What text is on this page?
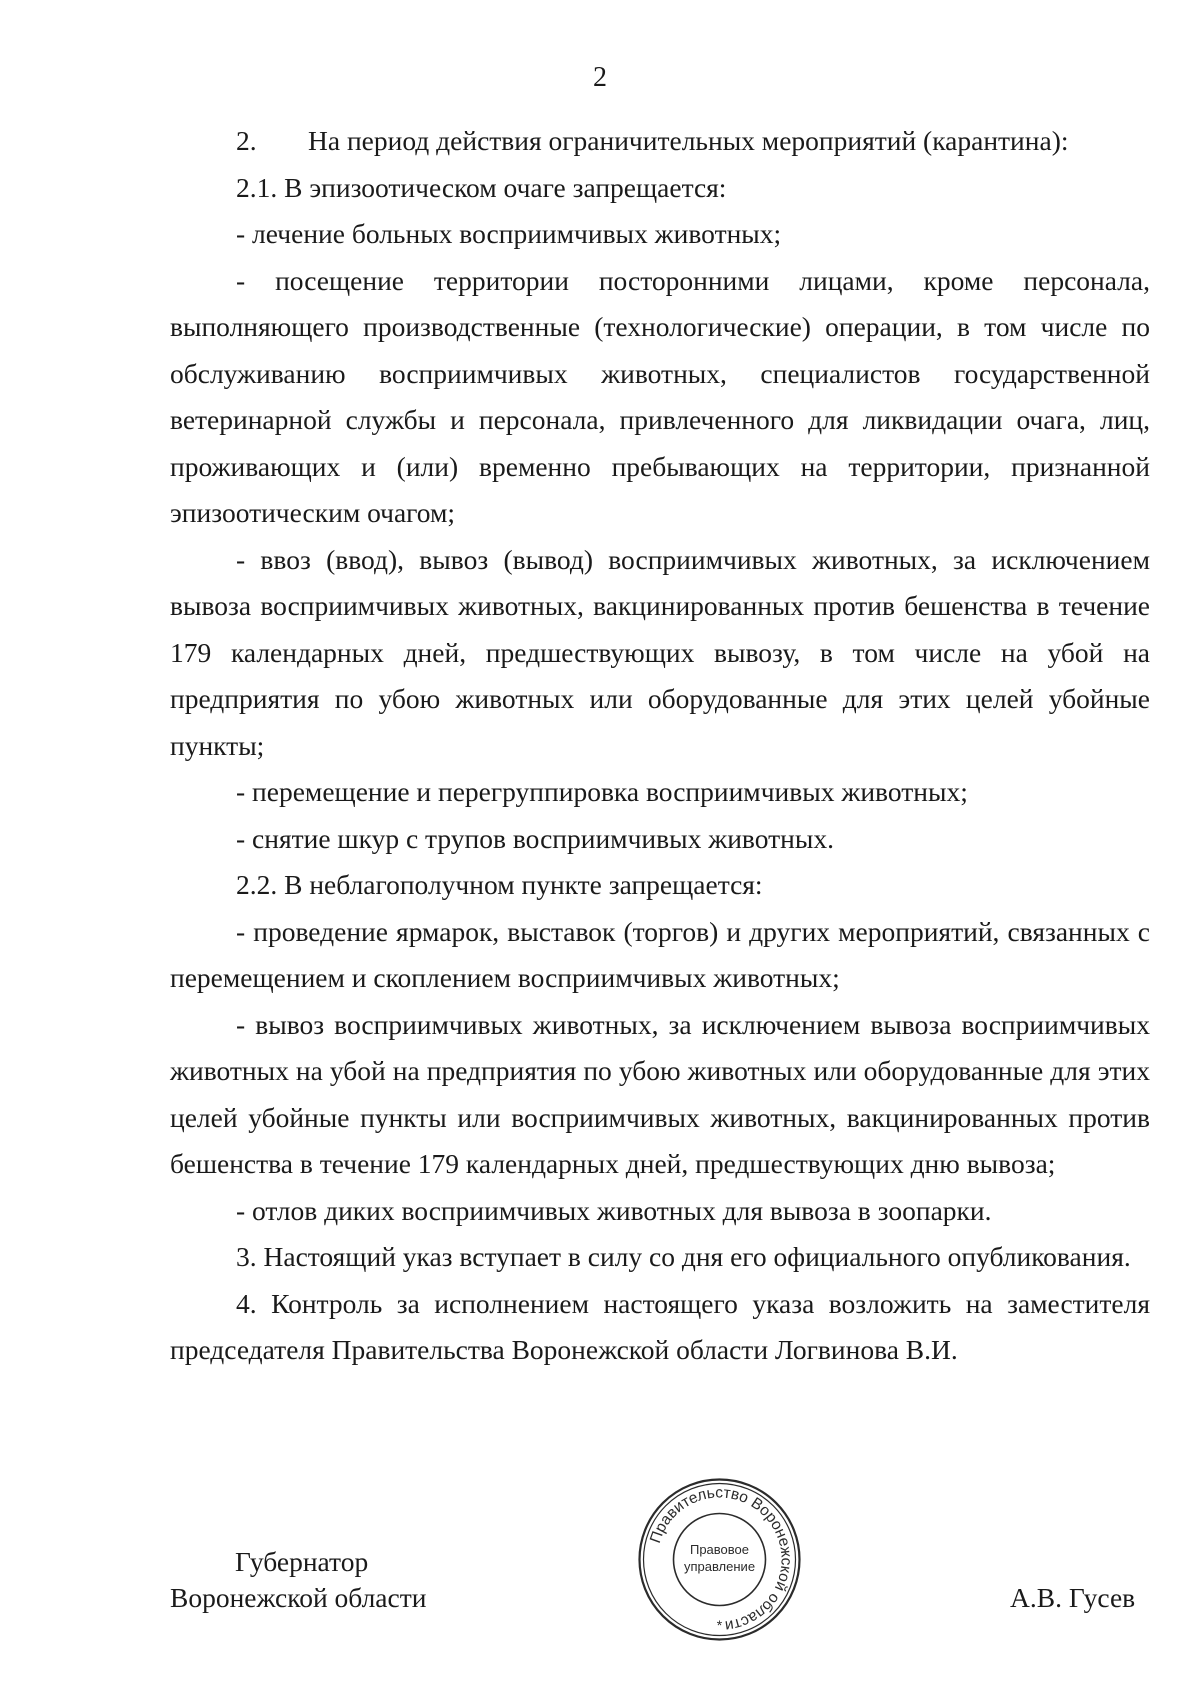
2

2. На период действия ограничительных мероприятий (карантина):

2.1. В эпизоотическом очаге запрещается:

- лечение больных восприимчивых животных;

- посещение территории посторонними лицами, кроме персонала, выполняющего производственные (технологические) операции, в том числе по обслуживанию восприимчивых животных, специалистов государственной ветеринарной службы и персонала, привлеченного для ликвидации очага, лиц, проживающих и (или) временно пребывающих на территории, признанной эпизоотическим очагом;

- ввоз (ввод), вывоз (вывод) восприимчивых животных, за исключением вывоза восприимчивых животных, вакцинированных против бешенства в течение 179 календарных дней, предшествующих вывозу, в том числе на убой на предприятия по убою животных или оборудованные для этих целей убойные пункты;

- перемещение и перегруппировка восприимчивых животных;

- снятие шкур с трупов восприимчивых животных.

2.2. В неблагополучном пункте запрещается:

- проведение ярмарок, выставок (торгов) и других мероприятий, связанных с перемещением и скоплением восприимчивых животных;

- вывоз восприимчивых животных, за исключением вывоза восприимчивых животных на убой на предприятия по убою животных или оборудованные для этих целей убойные пункты или восприимчивых животных, вакцинированных против бешенства в течение 179 календарных дней, предшествующих дню вывоза;

- отлов диких восприимчивых животных для вывоза в зоопарки.

3. Настоящий указ вступает в силу со дня его официального опубликования.

4. Контроль за исполнением настоящего указа возложить на заместителя председателя Правительства Воронежской области Логвинова В.И.

Губернатор
Воронежской области
Правительство Воронежской области
Правовое
управление
*
А.В. Гусев
